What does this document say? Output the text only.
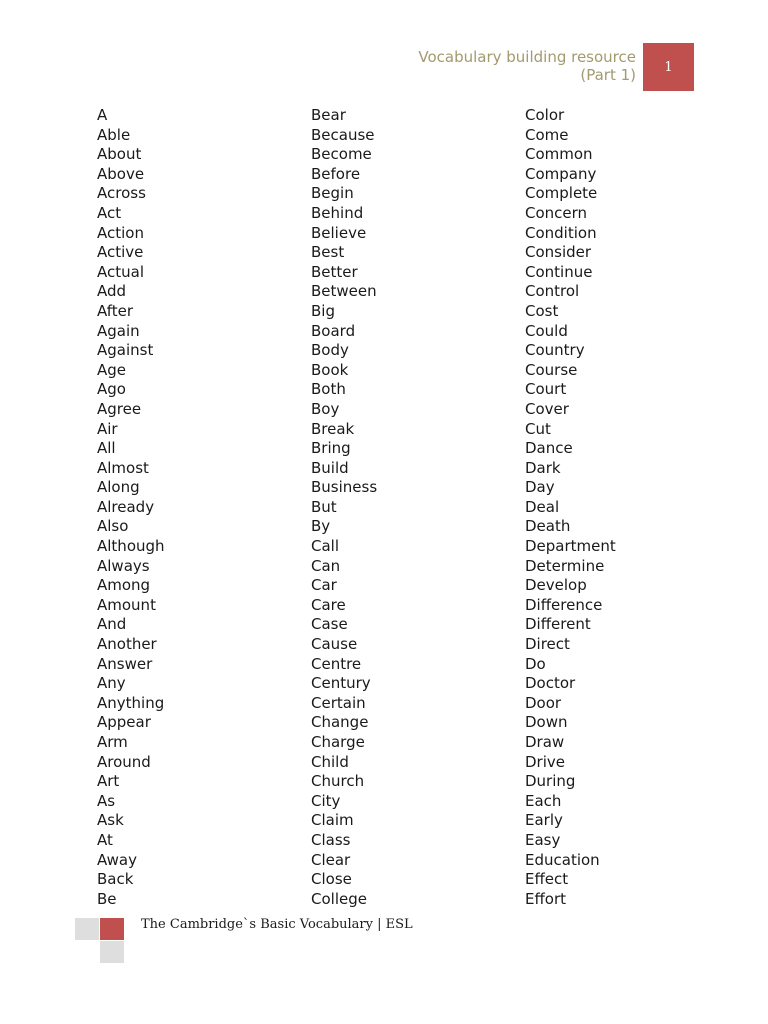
Vocabulary building resource
(Part 1) 1
A
Able
About
Above
Across
Act
Action
Active
Actual
Add
After
Again
Against
Age
Ago
Agree
Air
All
Almost
Along
Already
Also
Although
Always
Among
Amount
And
Another
Answer
Any
Anything
Appear
Arm
Around
Art
As
Ask
At
Away
Back
Be
Bear
Because
Become
Before
Begin
Behind
Believe
Best
Better
Between
Big
Board
Body
Book
Both
Boy
Break
Bring
Build
Business
But
By
Call
Can
Car
Care
Case
Cause
Centre
Century
Certain
Change
Charge
Child
Church
City
Claim
Class
Clear
Close
College
Color
Come
Common
Company
Complete
Concern
Condition
Consider
Continue
Control
Cost
Could
Country
Course
Court
Cover
Cut
Dance
Dark
Day
Deal
Death
Department
Determine
Develop
Difference
Different
Direct
Do
Doctor
Door
Down
Draw
Drive
During
Each
Early
Easy
Education
Effect
Effort
The Cambridge`s Basic Vocabulary | ESL
